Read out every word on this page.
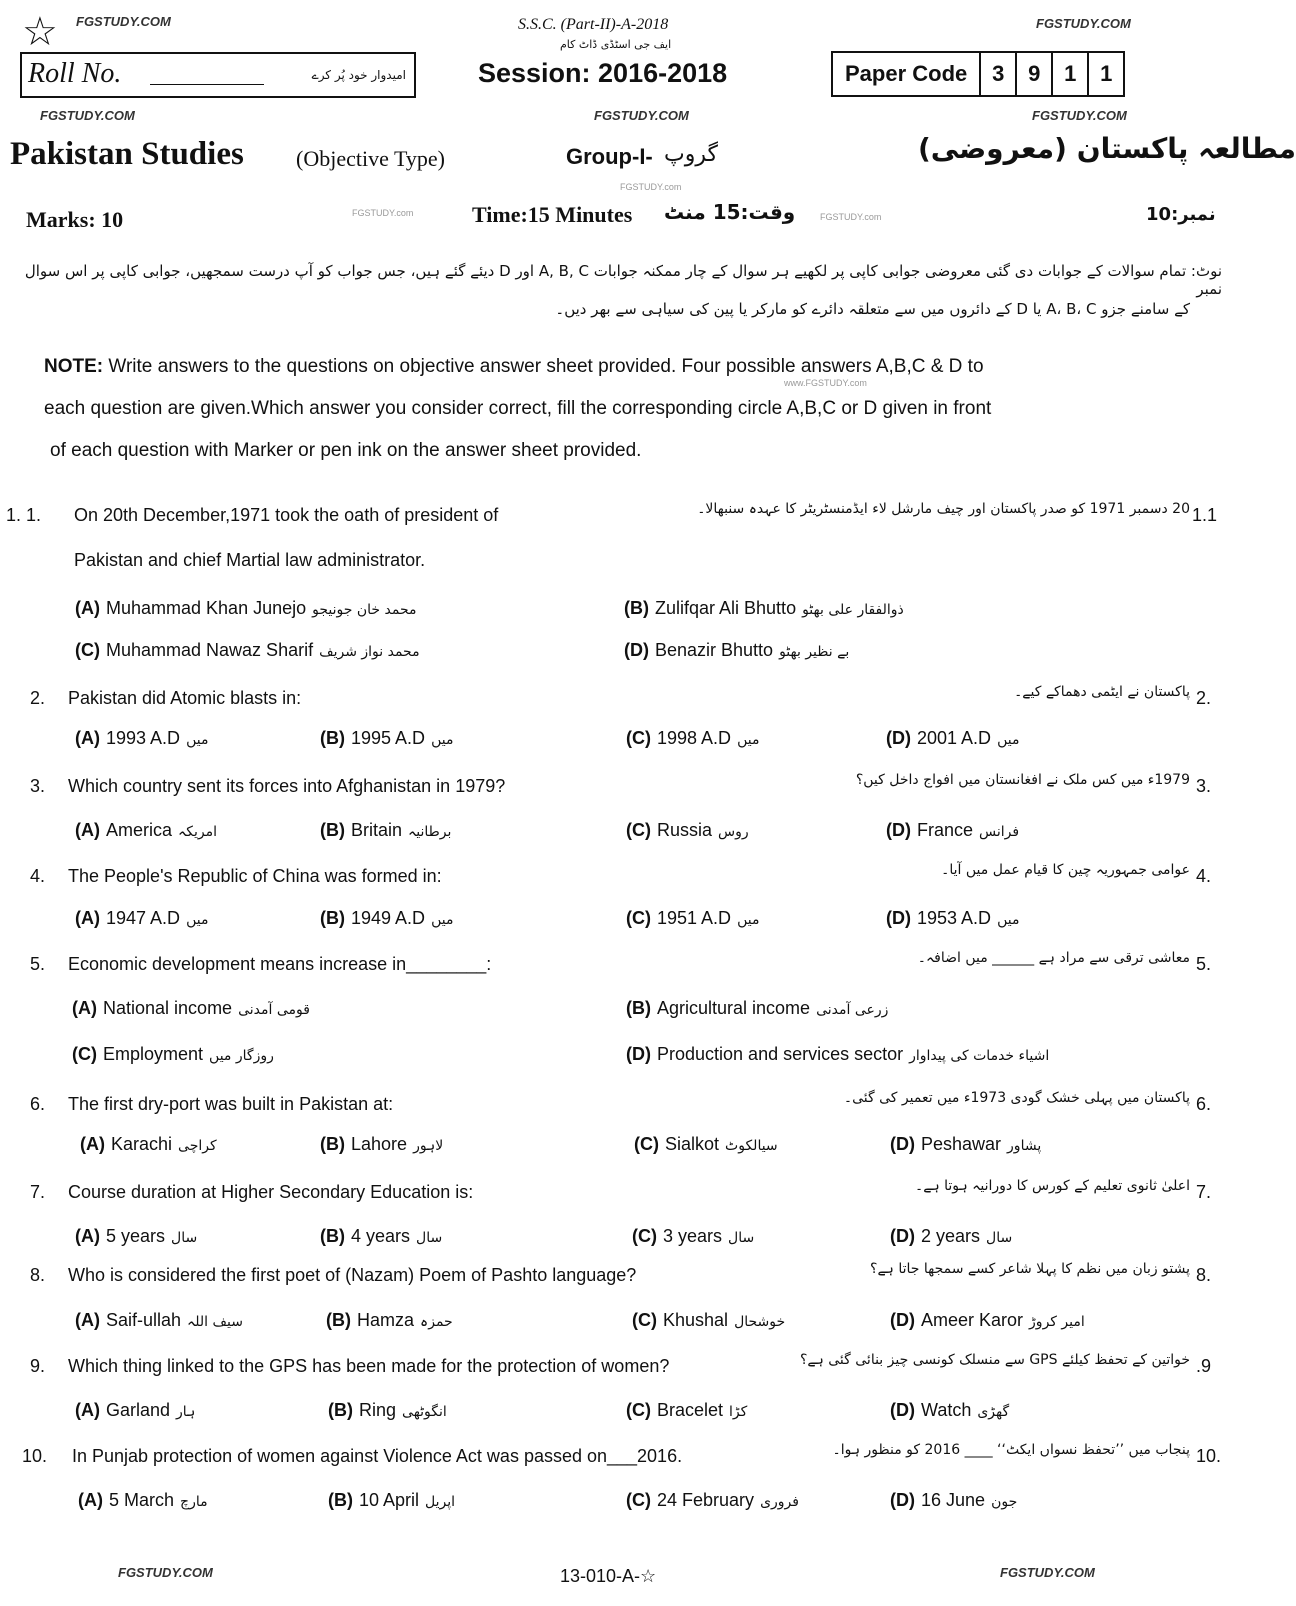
☆ FGSTUDY.COM	S.S.C. (Part-II)-A-2018
ایف جی اسٹڈی ڈاٹ کام
FGSTUDY.COM
Roll No.	امیدوار خود پُر کرے	Session: 2016-2018	Paper Code	3	9	1	1
FGSTUDY.COM	FGSTUDY.COM	FGSTUDY.COM
Pakistan Studies (Objective Type)	Group-I- گروپ	مطالعہ پاکستان (معروضی)
FGSTUDY.com
Marks: 10	FGSTUDY.com	Time:15 Minutes وقت:15 منٹ	FGSTUDY.com	نمبر:10
نوٹ: تمام سوالات کے جوابات دی گئی معروضی جوابی کاپی پر لکھیے ہر سوال کے چار ممکنہ جوابات A, B, C اور D دیئے گئے ہیں، جس جواب کو آپ درست سمجھیں، جوابی کاپی پر اس سوال نمبر
کے سامنے جزو A، B، C یا D کے دائروں میں سے متعلقہ دائرے کو مارکر یا پین کی سیاہی سے بھر دیں۔
NOTE: Write answers to the questions on objective answer sheet provided. Four possible answers A,B,C & D to
each question are given.Which answer you consider correct, fill the corresponding circle A,B,C or D given in front
of each question with Marker or pen ink on the answer sheet provided.
www.FGSTUDY.com
1. 1. On 20th December,1971 took the oath of president of
Pakistan and chief Martial law administrator.
20 دسمبر 1971 کو صدر پاکستان اور چیف مارشل لاء ایڈمنسٹریٹر کا عہدہ سنبھالا۔ 1.1
(A) Muhammad Khan Junejo محمد خان جونیجو	(B) Zulifqar Ali Bhutto ذوالفقار علی بھٹو
(C) Muhammad Nawaz Sharif محمد نواز شریف	(D) Benazir Bhutto بے نظیر بھٹو
2. Pakistan did Atomic blasts in:	پاکستان نے ایٹمی دھماکے کیے۔ 2.
(A) 1993 A.D میں	(B) 1995 A.D میں	(C) 1998 A.D میں	(D) 2001 A.D میں
3. Which country sent its forces into Afghanistan in 1979?	1979ء میں کس ملک نے افغانستان میں افواج داخل کیں؟ 3.
(A) America امریکہ	(B) Britain برطانیہ	(C) Russia روس	(D) France فرانس
4. The People's Republic of China was formed in:	عوامی جمہوریہ چین کا قیام عمل میں آیا۔ 4.
(A) 1947 A.D میں	(B) 1949 A.D میں	(C) 1951 A.D میں	(D) 1953 A.D میں
5. Economic development means increase in________:	معاشی ترقی سے مراد ہے ______ میں اضافہ۔ 5.
(A) National income قومی آمدنی	(B) Agricultural income زرعی آمدنی
(C) Employment روزگار میں	(D) Production and services sector اشیاء خدمات کی پیداوار
6. The first dry-port was built in Pakistan at:	پاکستان میں پہلی خشک گودی 1973ء میں تعمیر کی گئی۔ 6.
(A) Karachi کراچی	(B) Lahore لاہور	(C) Sialkot سیالکوٹ	(D) Peshawar پشاور
7. Course duration at Higher Secondary Education is:	اعلیٰ ثانوی تعلیم کے کورس کا دورانیہ ہوتا ہے۔ 7.
(A) 5 years سال	(B) 4 years سال	(C) 3 years سال	(D) 2 years سال
8. Who is considered the first poet of (Nazam) Poem of Pashto language?	پشتو زبان میں نظم کا پہلا شاعر کسے سمجھا جاتا ہے؟ 8.
(A) Saif-ullah سیف اللہ	(B) Hamza حمزہ	(C) Khushal خوشحال	(D) Ameer Karor امیر کروڑ
9. Which thing linked to the GPS has been made for the protection of women?	خواتین کے تحفظ کیلئے GPS سے منسلک کونسی چیز بنائی گئی ہے؟ .9
(A) Garland ہار	(B) Ring انگوٹھی	(C) Bracelet کڑا	(D) Watch گھڑی
10. In Punjab protection of women against Violence Act was passed on___2016.	پنجاب میں ’’تحفظ نسواں ایکٹ‘‘ ____ 2016 کو منظور ہوا۔ 10.
(A) 5 March مارچ	(B) 10 April اپریل	(C) 24 February فروری	(D) 16 June جون
FGSTUDY.COM	13-010-A-☆	FGSTUDY.COM
